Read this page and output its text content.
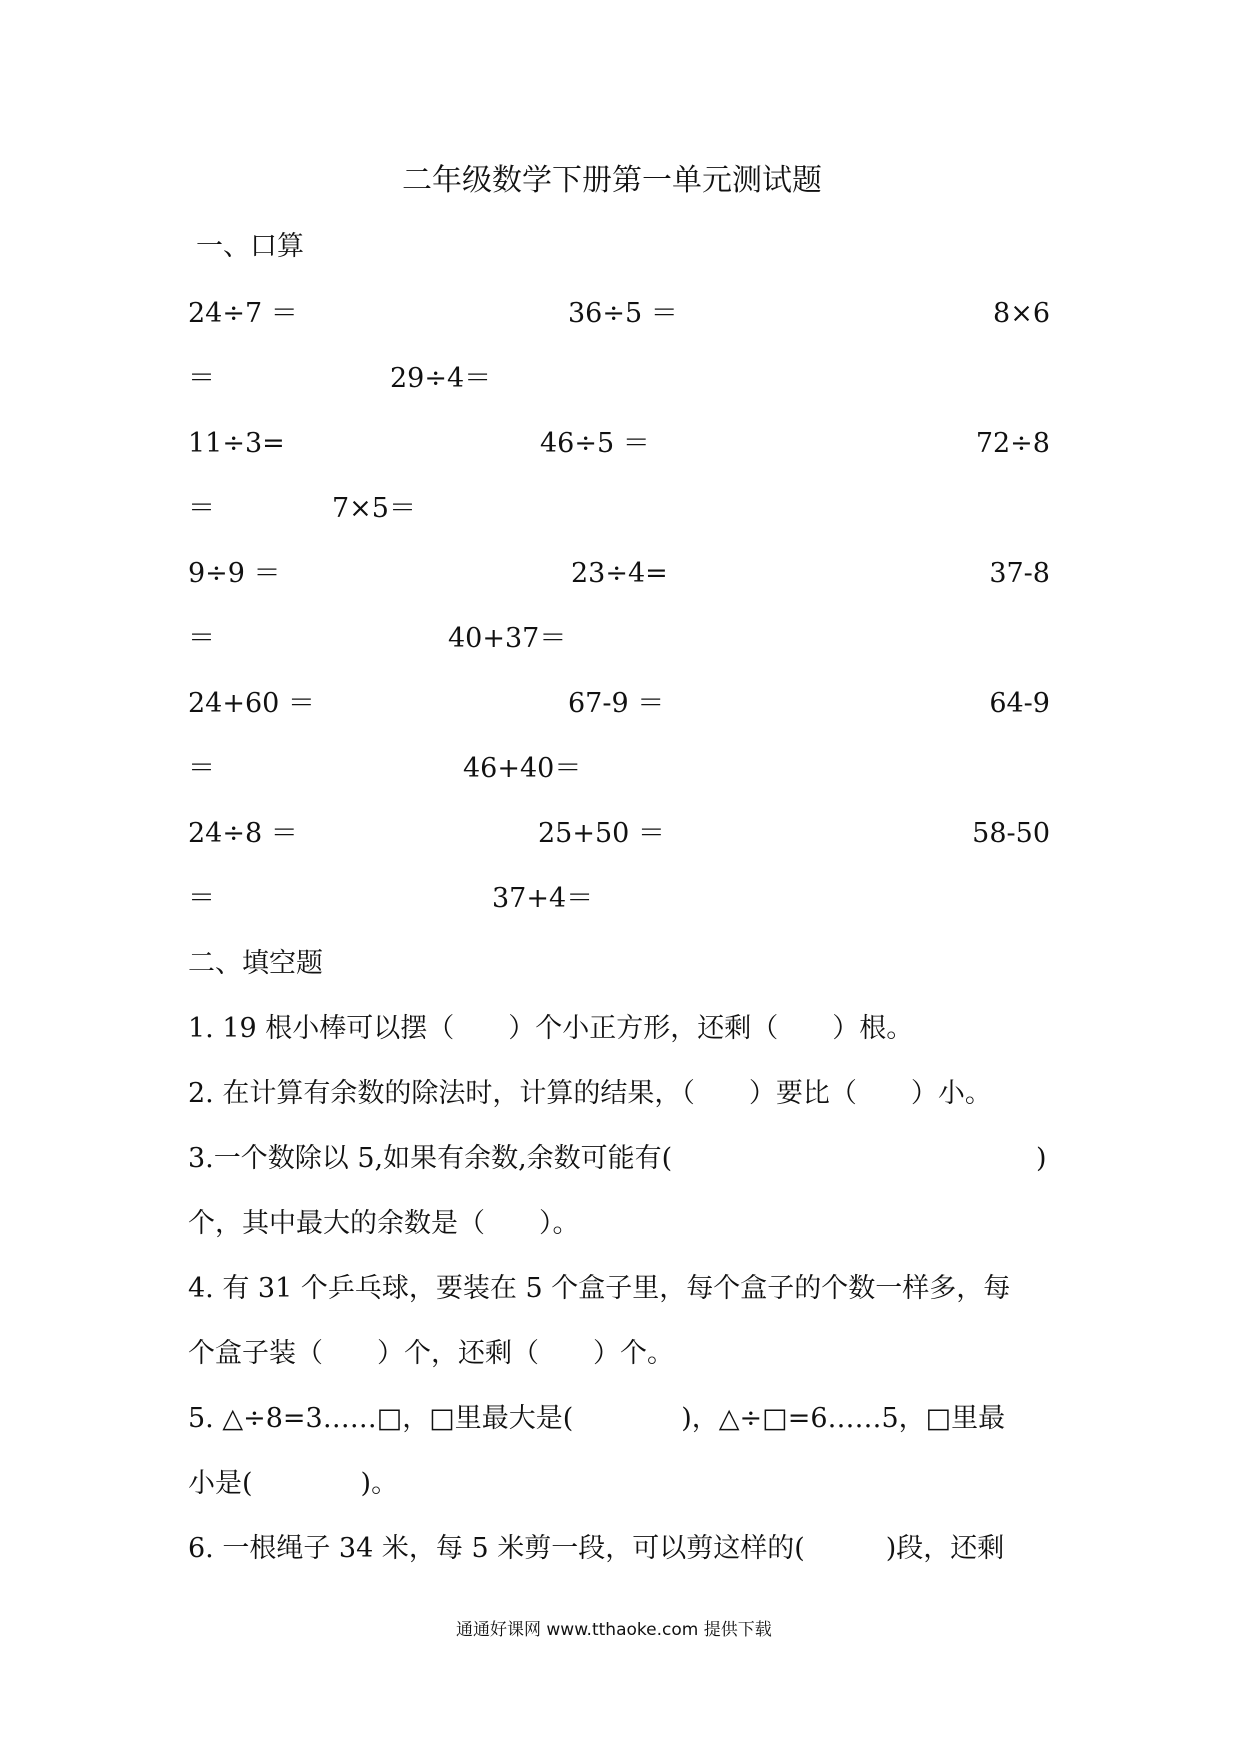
二年级数学下册第一单元测试题
一、口算
24÷7 ＝	36÷5 ＝	8×6
＝	29÷4＝
11÷3=	46÷5 ＝	72÷8
＝	7×5＝
9÷9 ＝	23÷4=	37-8
＝	40+37＝
24+60 ＝	67-9 ＝	64-9
＝	46+40＝
24÷8 ＝	25+50 ＝	58-50
＝	37+4＝
二、填空题
1. 19 根小棒可以摆（　　）个小正方形，还剩（　　）根。
2. 在计算有余数的除法时，计算的结果，（　　）要比（　　）小。
3.一个数除以 5,如果有余数,余数可能有(	)
个，其中最大的余数是（　　）。
4. 有 31 个乒乓球，要装在 5 个盒子里，每个盒子的个数一样多，每
个盒子装（　　）个，还剩（　　）个。
5. △÷8=3……□，□里最大是(　　　　)，△÷□=6……5，□里最
小是(　　　　)。
6. 一根绳子 34 米，每 5 米剪一段，可以剪这样的(　　　)段，还剩
通通好课网 www.tthaoke.com 提供下载
